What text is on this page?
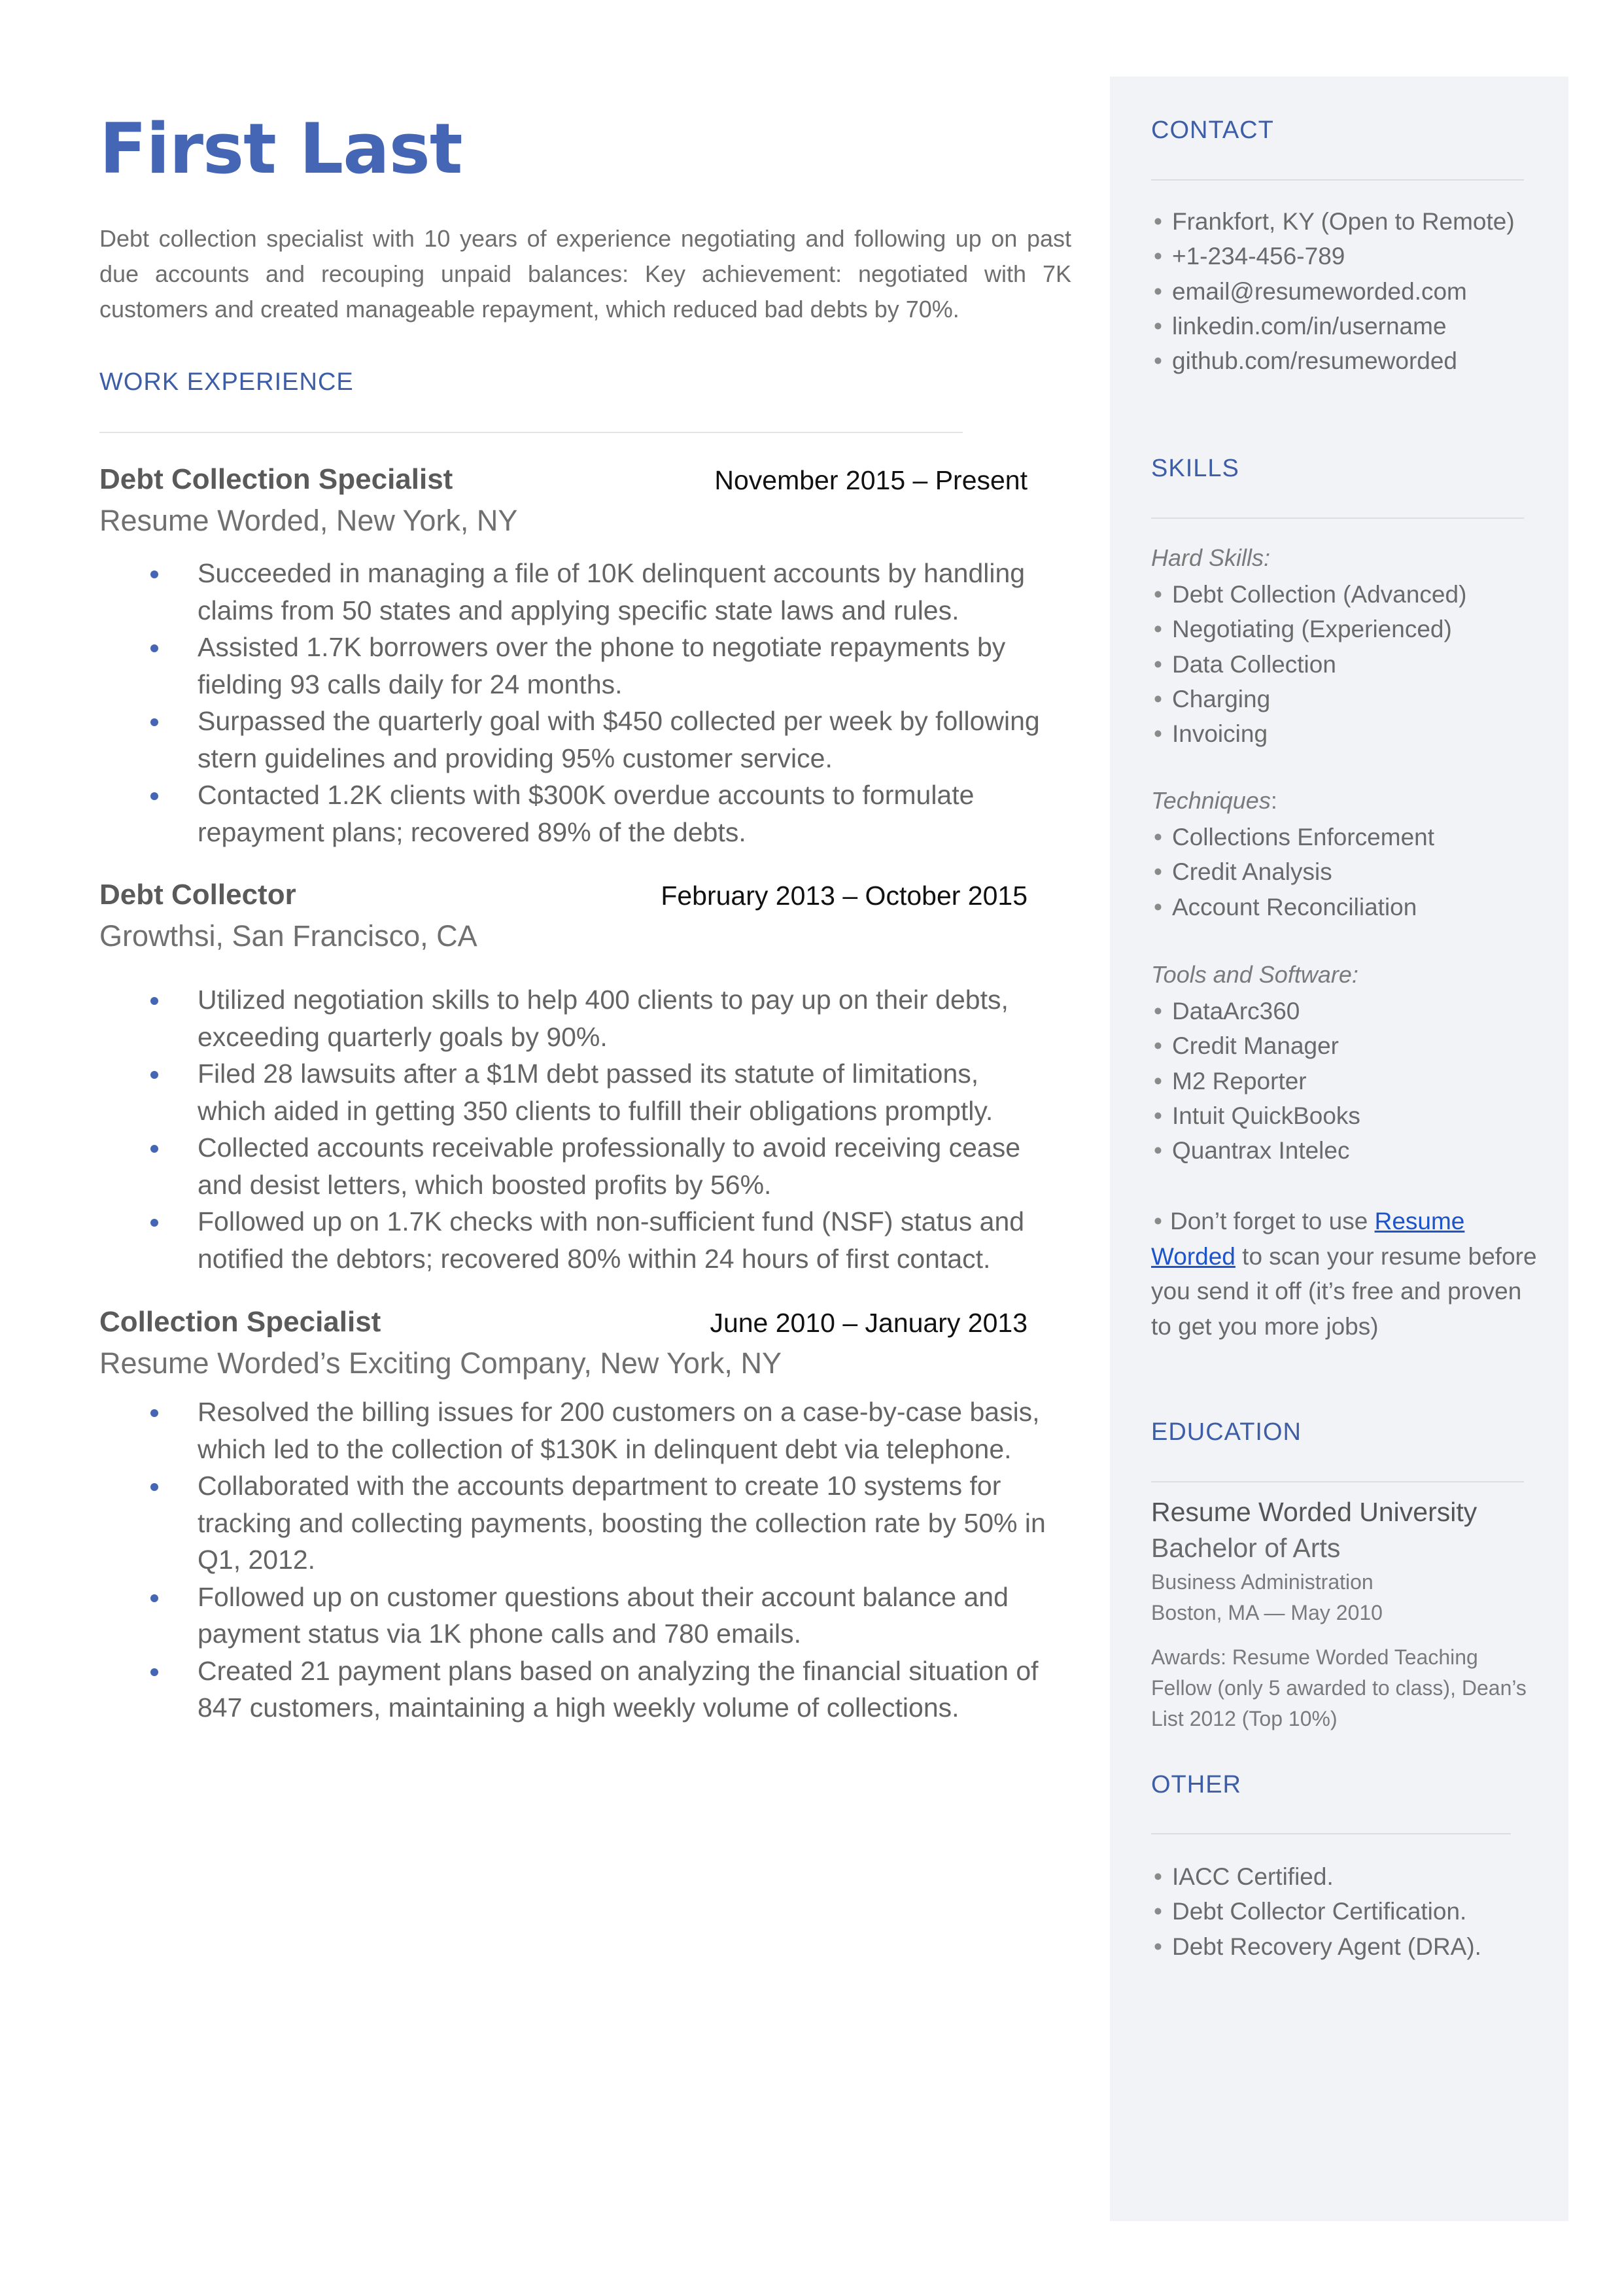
First Last
Debt collection specialist with 10 years of experience negotiating and following up on past due accounts and recouping unpaid balances: Key achievement: negotiated with 7K customers and created manageable repayment, which reduced bad debts by 70%.
WORK EXPERIENCE
Debt Collection Specialist	November 2015 – Present
Resume Worded, New York, NY
Succeeded in managing a file of 10K delinquent accounts by handling claims from 50 states and applying specific state laws and rules.
Assisted 1.7K borrowers over the phone to negotiate repayments by fielding 93 calls daily for 24 months.
Surpassed the quarterly goal with $450 collected per week by following stern guidelines and providing 95% customer service.
Contacted 1.2K clients with $300K overdue accounts to formulate repayment plans; recovered 89% of the debts.
Debt Collector	February 2013 – October 2015
Growthsi, San Francisco, CA
Utilized negotiation skills to help 400 clients to pay up on their debts, exceeding quarterly goals by 90%.
Filed 28 lawsuits after a $1M debt passed its statute of limitations, which aided in getting 350 clients to fulfill their obligations promptly.
Collected accounts receivable professionally to avoid receiving cease and desist letters, which boosted profits by 56%.
Followed up on 1.7K checks with non-sufficient fund (NSF) status and notified the debtors; recovered 80% within 24 hours of first contact.
Collection Specialist	June 2010 – January 2013
Resume Worded’s Exciting Company, New York, NY
Resolved the billing issues for 200 customers on a case-by-case basis, which led to the collection of $130K in delinquent debt via telephone.
Collaborated with the accounts department to create 10 systems for tracking and collecting payments, boosting the collection rate by 50% in Q1, 2012.
Followed up on customer questions about their account balance and payment status via 1K phone calls and 780 emails.
Created 21 payment plans based on analyzing the financial situation of 847 customers, maintaining a high weekly volume of collections.
CONTACT
• Frankfort, KY (Open to Remote)
• +1-234-456-789
• email@resumeworded.com
• linkedin.com/in/username
• github.com/resumeworded
SKILLS
Hard Skills:
• Debt Collection (Advanced)
• Negotiating (Experienced)
• Data Collection
• Charging
• Invoicing
Techniques:
• Collections Enforcement
• Credit Analysis
• Account Reconciliation
Tools and Software:
• DataArc360
• Credit Manager
• M2 Reporter
• Intuit QuickBooks
• Quantrax Intelec
• Don’t forget to use Resume Worded to scan your resume before you send it off (it’s free and proven to get you more jobs)
EDUCATION
Resume Worded University
Bachelor of Arts
Business Administration
Boston, MA — May 2010
Awards: Resume Worded Teaching Fellow (only 5 awarded to class), Dean’s List 2012 (Top 10%)
OTHER
• IACC Certified.
• Debt Collector Certification.
• Debt Recovery Agent (DRA).
